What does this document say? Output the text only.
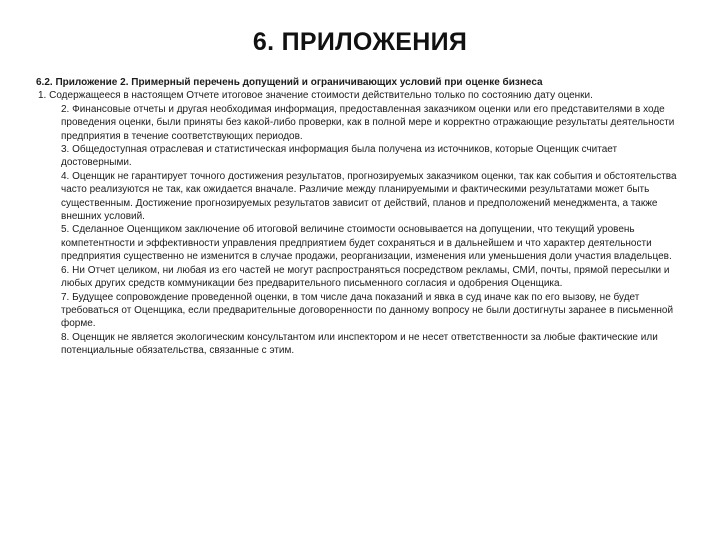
6. ПРИЛОЖЕНИЯ

6.2. Приложение 2. Примерный перечень допущений и ограничивающих условий при оценке бизнеса

1. Содержащееся в настоящем Отчете итоговое значение стоимости действительно только по состоянию дату оценки.

2. Финансовые отчеты и другая необходимая информация, предоставленная заказчиком оценки или его представителями в ходе проведения оценки, были приняты без какой-либо проверки, как в полной мере и корректно отражающие результаты деятельности предприятия в течение соответствующих периодов.

3. Общедоступная отраслевая и статистическая информация была получена из источников, которые Оценщик считает достоверными.

4. Оценщик не гарантирует точного достижения результатов, прогнозируемых заказчиком оценки, так как события и обстоятельства часто реализуются не так, как ожидается вначале. Различие между планируемыми и фактическими результатами может быть существенным. Достижение прогнозируемых результатов зависит от действий, планов и предположений менеджмента, а также внешних условий.

5. Сделанное Оценщиком заключение об итоговой величине стоимости основывается на допущении, что текущий уровень компетентности и эффективности управления предприятием будет сохраняться и в дальнейшем и что характер деятельности предприятия существенно не изменится в случае продажи, реорганизации, изменения или уменьшения доли участия владельцев.

6. Ни Отчет целиком, ни любая из его частей не могут распространяться посредством рекламы, СМИ, почты, прямой пересылки и любых других средств коммуникации без предварительного письменного согласия и одобрения Оценщика.

7. Будущее сопровождение проведенной оценки, в том числе дача показаний и явка в суд иначе как по его вызову, не будет требоваться от Оценщика, если предварительные договоренности по данному вопросу не были достигнуты заранее в письменной форме.

8. Оценщик не является экологическим консультантом или инспектором и не несет ответственности за любые фактические или потенциальные обязательства, связанные с этим.
